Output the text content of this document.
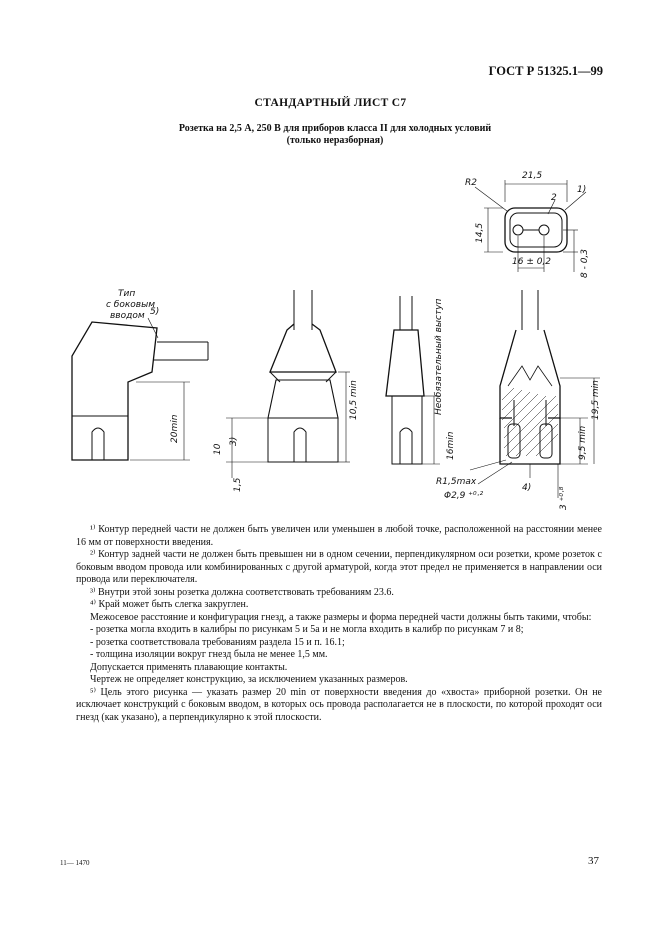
ГОСТ Р 51325.1—99
СТАНДАРТНЫЙ ЛИСТ С7
Розетка на 2,5 А, 250 В для приборов класса II для холодных условий
(только неразборная)
R2
21,5
2
1)
14,5
16 ± 0,2	8 - 0,3
Тип
с боковым
вводом 5)
20min
10
3)
1,5
10,5 min	Необязательный выступ
16min	9,5 min
19,5 min
R1,5max
Φ2,9 ⁺⁰·²
4)	3 ⁺⁰·⁸

¹⁾ Контур передней части не должен быть увеличен или уменьшен в любой точке, расположенной на расстоянии менее 16 мм от поверхности введения.

²⁾ Контур задней части не должен быть превышен ни в одном сечении, перпендикулярном оси розетки, кроме розеток с боковым вводом провода или комбинированных с другой арматурой, когда этот предел не применяется в направлении оси провода или переключателя.

³⁾ Внутри этой зоны розетка должна соответствовать требованиям 23.6.

⁴⁾ Край может быть слегка закруглен.

Межосевое расстояние и конфигурация гнезд, а также размеры и форма передней части должны быть такими, чтобы:

- розетка могла входить в калибры по рисункам 5 и 5а и не могла входить в калибр по рисункам 7 и 8;

- розетка соответствовала требованиям раздела 15 и п. 16.1;

- толщина изоляции вокруг гнезд была не менее 1,5 мм.

Допускается применять плавающие контакты.

Чертеж не определяет конструкцию, за исключением указанных размеров.

⁵⁾ Цель этого рисунка — указать размер 20 min от поверхности введения до «хвоста» приборной розетки. Он не исключает конструкций с боковым вводом, в которых ось провода располагается не в плоскости, по которой проходят оси гнезд (как указано), а перпендикулярно к этой плоскости.

11— 1470	37
